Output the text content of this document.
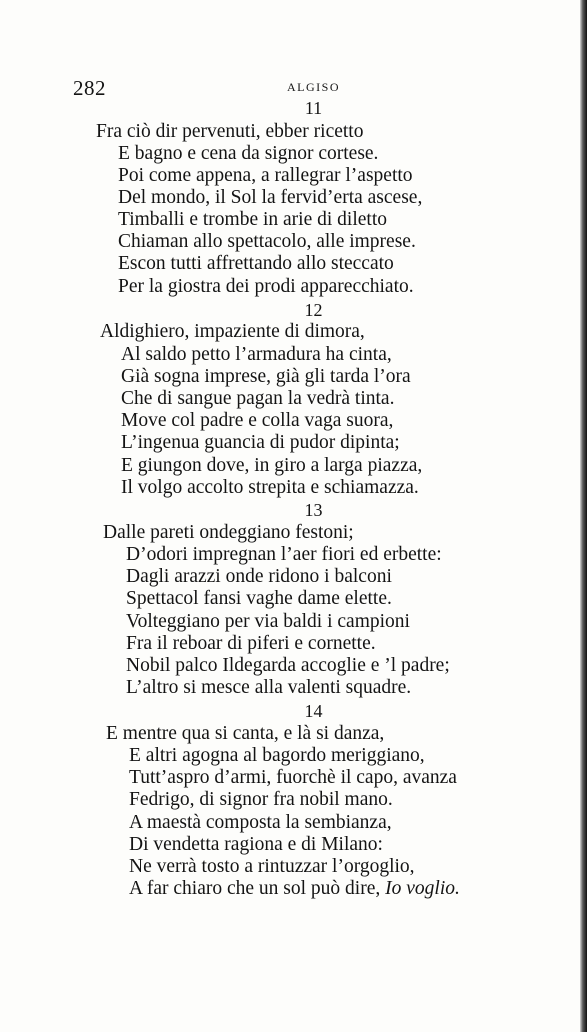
282	ALGISO
11
Fra ciò dir pervenuti, ebber ricetto
E bagno e cena da signor cortese.
Poi come appena, a rallegrar l’aspetto
Del mondo, il Sol la fervid’erta ascese,
Timballi e trombe in arie di diletto
Chiaman allo spettacolo, alle imprese.
Escon tutti affrettando allo steccato
Per la giostra dei prodi apparecchiato.
12
Aldighiero, impaziente di dimora,
Al saldo petto l’armadura ha cinta,
Già sogna imprese, già gli tarda l’ora
Che di sangue pagan la vedrà tinta.
Move col padre e colla vaga suora,
L’ingenua guancia di pudor dipinta;
E giungon dove, in giro a larga piazza,
Il volgo accolto strepita e schiamazza.
13
Dalle pareti ondeggiano festoni;
D’odori impregnan l’aer fiori ed erbette:
Dagli arazzi onde ridono i balconi
Spettacol fansi vaghe dame elette.
Volteggiano per via baldi i campioni
Fra il reboar di piferi e cornette.
Nobil palco Ildegarda accoglie e ’l padre;
L’altro si mesce alla valenti squadre.
14
E mentre qua si canta, e là si danza,
E altri agogna al bagordo meriggiano,
Tutt’aspro d’armi, fuorchè il capo, avanza
Fedrigo, di signor fra nobil mano.
A maestà composta la sembianza,
Di vendetta ragiona e di Milano:
Ne verrà tosto a rintuzzar l’orgoglio,
A far chiaro che un sol può dire, Io voglio.
